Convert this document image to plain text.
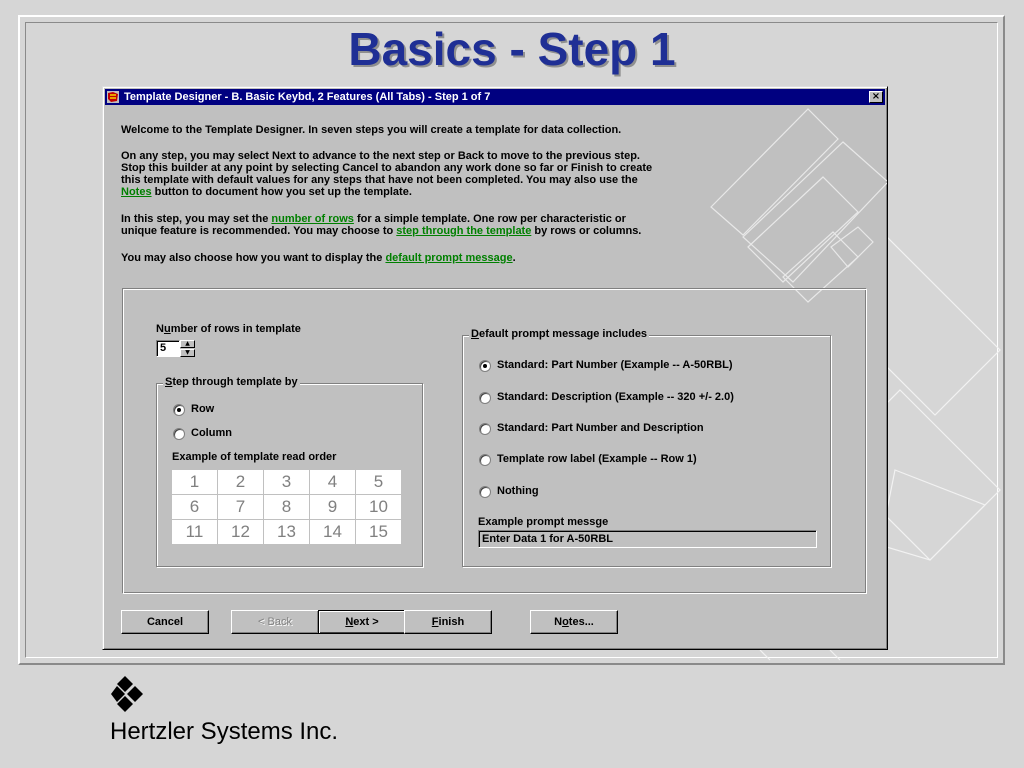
Basics - Step 1
Template Designer - B. Basic Keybd, 2 Features (All Tabs) - Step 1 of 7	×

Welcome to the Template Designer. In seven steps you will create a template for data collection.

On any step, you may select Next to advance to the next step or Back to move to the previous step.
Stop this builder at any point by selecting Cancel to abandon any work done so far or Finish to create
this template with default values for any steps that have not been completed. You may also use the
Notes button to document how you set up the template.
In this step, you may set the number of rows for a simple template. One row per characteristic or
unique feature is recommended. You may choose to step through the template by rows or columns.
You may also choose how you want to display the default prompt message.
Number of rows in template
5	▲
▼
Step through template by
Row
Column
Example of template read order
1	2	3	4	5
6	7	8	9	10
11	12	13	14	15
Default prompt message includes
Standard: Part Number (Example -- A-50RBL)
Standard: Description (Example -- 320 +/- 2.0)
Standard: Part Number and Description
Template row label (Example -- Row 1)
Nothing
Example prompt messge
Enter Data 1 for A-50RBL
Cancel	< Back	Next >	Finish	Notes...
Hertzler Systems Inc.
